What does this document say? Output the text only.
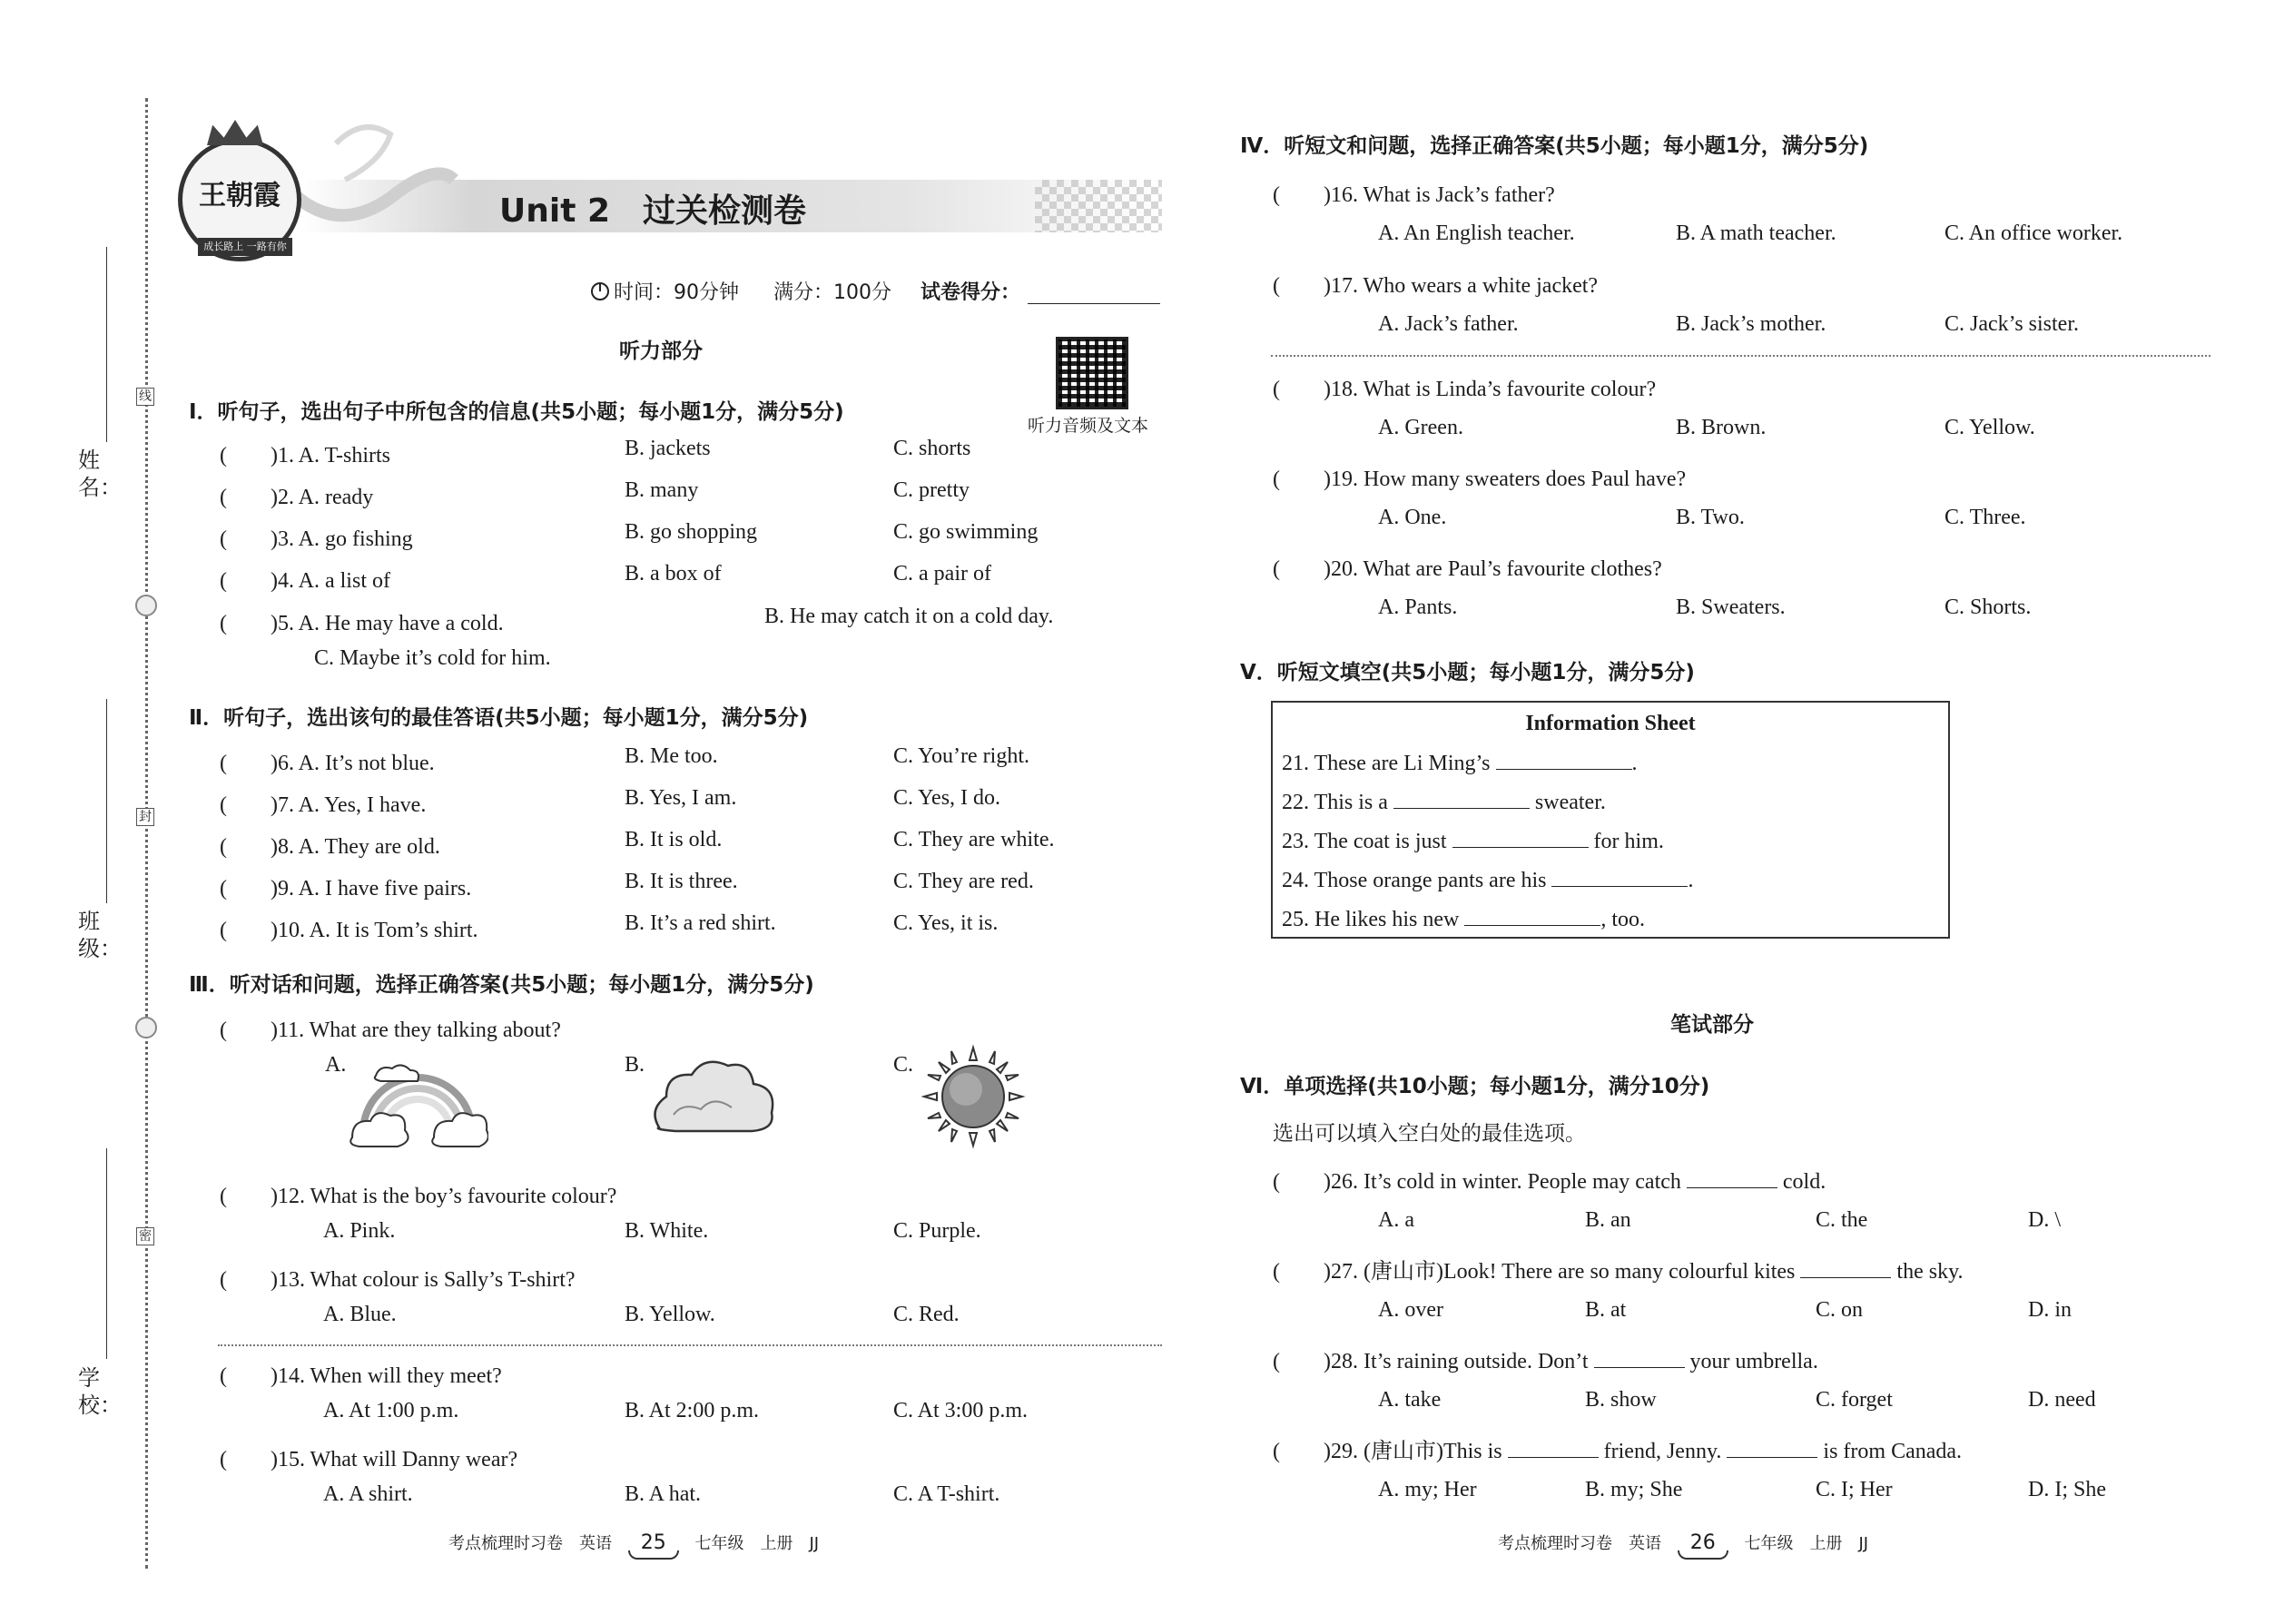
姓名：
班级：
学校：
线
封
密
王朝霞
成长路上 一路有你
Unit 2　过关检测卷
时间：90分钟 满分：100分 试卷得分：
听力部分
听力音频及文本
Ⅰ．听句子，选出句子中所包含的信息(共5小题；每小题1分，满分5分)
(　　)1. A. T-shirts	B. jackets	C. shorts
(　　)2. A. ready	B. many	C. pretty
(　　)3. A. go fishing	B. go shopping	C. go swimming
(　　)4. A. a list of	B. a box of	C. a pair of
(　　)5. A. He may have a cold.	B. He may catch it on a cold day.
C. Maybe it’s cold for him.
Ⅱ．听句子，选出该句的最佳答语(共5小题；每小题1分，满分5分)
(　　)6. A. It’s not blue.	B. Me too.	C. You’re right.
(　　)7. A. Yes, I have.	B. Yes, I am.	C. Yes, I do.
(　　)8. A. They are old.	B. It is old.	C. They are white.
(　　)9. A. I have five pairs.	B. It is three.	C. They are red.
(　　)10. A. It is Tom’s shirt.	B. It’s a red shirt.	C. Yes, it is.
Ⅲ．听对话和问题，选择正确答案(共5小题；每小题1分，满分5分)
(　　)11. What are they talking about?
A.	B.	C.
(　　)12. What is the boy’s favourite colour?
A. Pink.	B. White.	C. Purple.
(　　)13. What colour is Sally’s T-shirt?
A. Blue.	B. Yellow.	C. Red.
(　　)14. When will they meet?
A. At 1:00 p.m.	B. At 2:00 p.m.	C. At 3:00 p.m.
(　　)15. What will Danny wear?
A. A shirt.	B. A hat.	C. A T-shirt.
考点梳理时习卷　英语 25 七年级　上册　JJ
Ⅳ．听短文和问题，选择正确答案(共5小题；每小题1分，满分5分)
(　　)16. What is Jack’s father?
A. An English teacher.	B. A math teacher.	C. An office worker.
(　　)17. Who wears a white jacket?
A. Jack’s father.	B. Jack’s mother.	C. Jack’s sister.
(　　)18. What is Linda’s favourite colour?
A. Green.	B. Brown.	C. Yellow.
(　　)19. How many sweaters does Paul have?
A. One.	B. Two.	C. Three.
(　　)20. What are Paul’s favourite clothes?
A. Pants.	B. Sweaters.	C. Shorts.
Ⅴ．听短文填空(共5小题；每小题1分，满分5分)
Information Sheet
21. These are Li Ming’s	.
22. This is a	sweater.
23. The coat is just	for him.
24. Those orange pants are his	.
25. He likes his new	, too.
笔试部分
Ⅵ．单项选择(共10小题；每小题1分，满分10分)
选出可以填入空白处的最佳选项。
(　　)26. It’s cold in winter. People may catch	cold.
A. a	B. an	C. the	D. \
(　　)27. (唐山市)Look! There are so many colourful kites	the sky.
A. over	B. at	C. on	D. in
(　　)28. It’s raining outside. Don’t	your umbrella.
A. take	B. show	C. forget	D. need
(　　)29. (唐山市)This is	friend, Jenny.	is from Canada.
A. my; Her	B. my; She	C. I; Her	D. I; She
考点梳理时习卷　英语 26 七年级　上册　JJ
